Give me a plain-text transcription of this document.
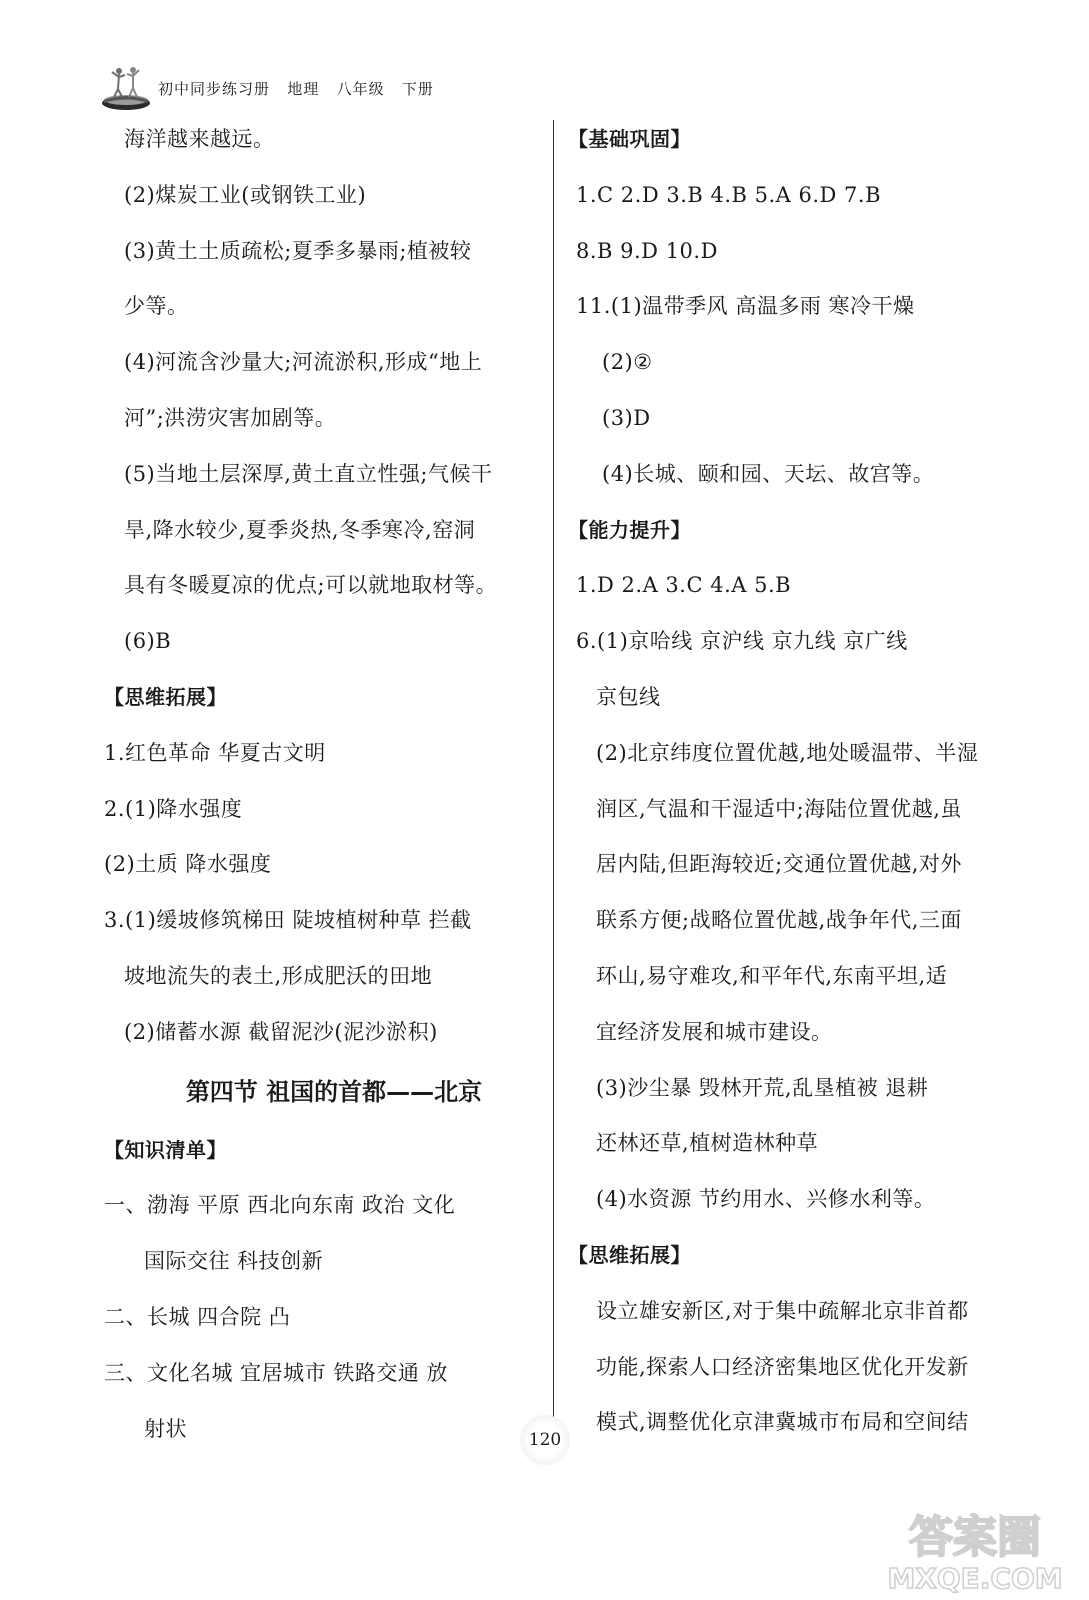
初中同步练习册   地理   八年级   下册
海洋越来越远。
(2)煤炭工业(或钢铁工业)
(3)黄土土质疏松;夏季多暴雨;植被较
少等。
(4)河流含沙量大;河流淤积,形成“地上
河”;洪涝灾害加剧等。
(5)当地土层深厚,黄土直立性强;气候干
旱,降水较少,夏季炎热,冬季寒冷,窑洞
具有冬暖夏凉的优点;可以就地取材等。
(6)B
【思维拓展】
1.红色革命 华夏古文明
2.(1)降水强度
(2)土质 降水强度
3.(1)缓坡修筑梯田 陡坡植树种草 拦截
坡地流失的表土,形成肥沃的田地
(2)储蓄水源 截留泥沙(泥沙淤积)
第四节 祖国的首都——北京
【知识清单】
一、渤海 平原 西北向东南 政治 文化
国际交往 科技创新
二、长城 四合院 凸
三、文化名城 宜居城市 铁路交通 放
射状
【基础巩固】
1.C 2.D 3.B 4.B 5.A 6.D 7.B
8.B 9.D 10.D
11.(1)温带季风 高温多雨 寒冷干燥
(2)②
(3)D
(4)长城、颐和园、天坛、故宫等。
【能力提升】
1.D 2.A 3.C 4.A 5.B
6.(1)京哈线 京沪线 京九线 京广线
京包线
(2)北京纬度位置优越,地处暖温带、半湿
润区,气温和干湿适中;海陆位置优越,虽
居内陆,但距海较近;交通位置优越,对外
联系方便;战略位置优越,战争年代,三面
环山,易守难攻,和平年代,东南平坦,适
宜经济发展和城市建设。
(3)沙尘暴 毁林开荒,乱垦植被 退耕
还林还草,植树造林种草
(4)水资源 节约用水、兴修水利等。
【思维拓展】
设立雄安新区,对于集中疏解北京非首都
功能,探索人口经济密集地区优化开发新
模式,调整优化京津冀城市布局和空间结
120
答案圈
MXQE.COM
